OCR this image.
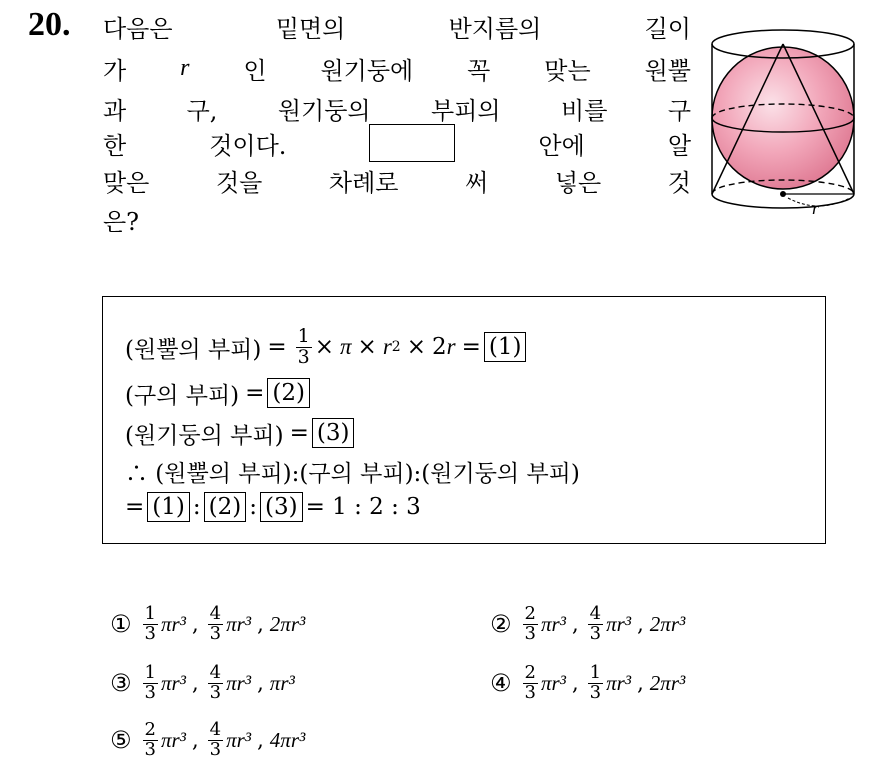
20. 다음은	밑면의	반지름의	길이
가 r 인 원기둥에 꼭 맞는 원뿔
과	구,	원기둥의	부피의	비를	구
한	것이다.	안에	알
맞은	것을	차례로	써	넣은	것
은?	r
(원뿔의 부피) = $\frac{1}{3} \times \pi \times r$ 2 × 2 r = (1)
(구의 부피) = (2)
(원기둥의 부피) = (3)
∴ (원뿔의 부피):(구의 부피):(원기둥의 부피)
= (1) : (2) : (3) = 1 : 2 : 3
① $\frac{1}{3} \pi r^3$ , $\frac{4}{3} \pi r^3$ , 2πr³	② $\frac{2}{3} \pi r^3$ , $\frac{4}{3} \pi r^3$ , 2πr³
③ $\frac{1}{3} \pi r^3$ , $\frac{4}{3} \pi r^3$ , πr³	④ $\frac{2}{3} \pi r^3$ , $\frac{1}{3} \pi r^3$ , 2πr³
⑤ $\frac{2}{3} \pi r^3$ , $\frac{4}{3} \pi r^3$ , 4πr³
